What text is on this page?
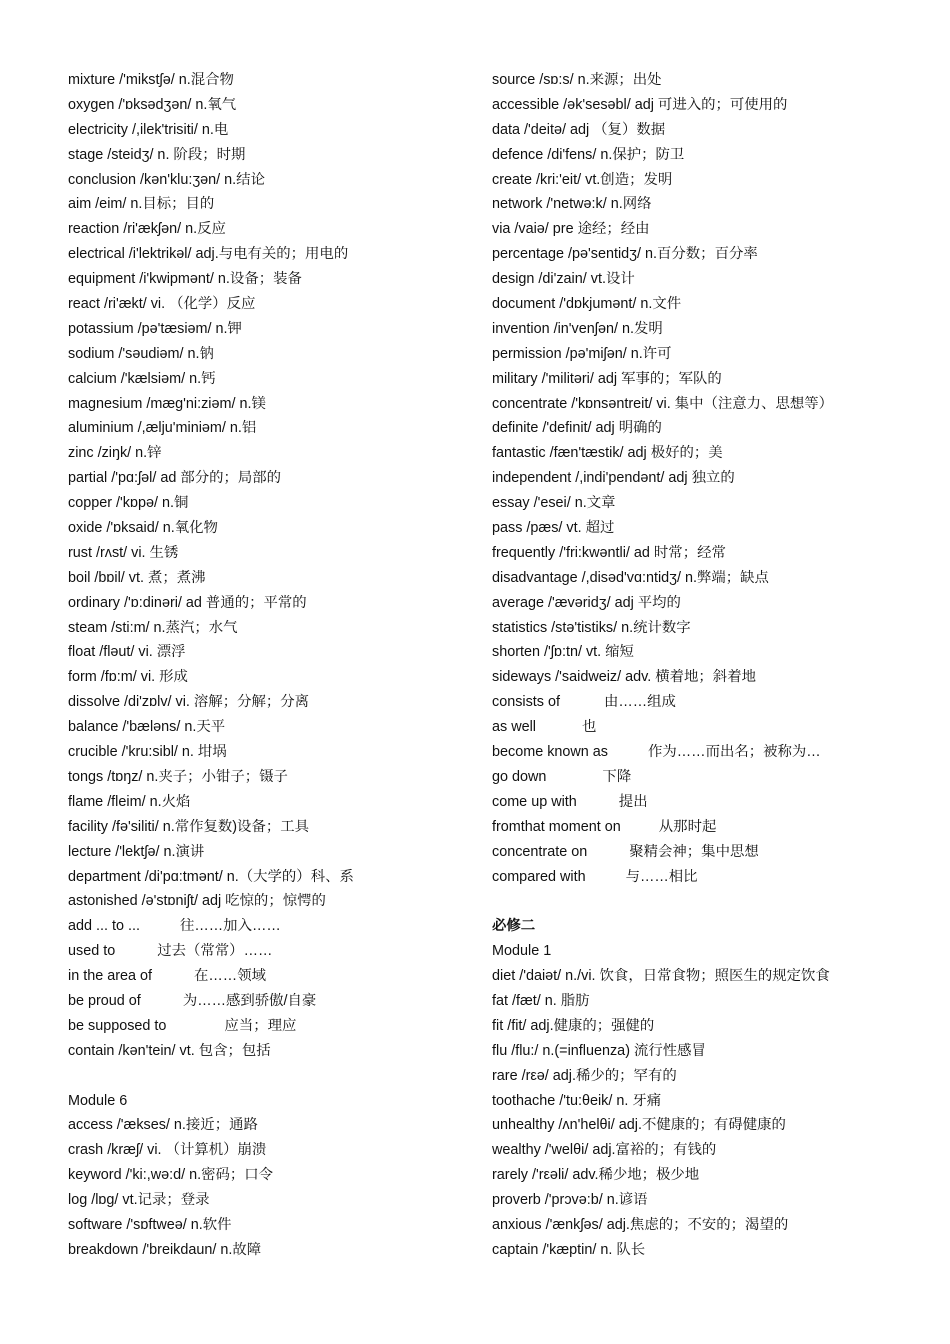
mixture /'mikstʃə/ n.混合物
oxygen /'ɒksədʒən/ n.氧气
electricity /,ilek'trisiti/ n.电
stage /steidʒ/ n. 阶段；时期
conclusion /kən'klu:ʒən/ n.结论
aim /eim/ n.目标；目的
reaction /ri'ækʃən/ n.反应
electrical /i'lektrikəl/ adj.与电有关的；用电的
equipment /i'kwipmənt/ n.设备；装备
react /ri'ækt/ vi. （化学）反应
potassium /pə'tæsiəm/ n.钾
sodium /'səudiəm/ n.钠
calcium /'kælsiəm/ n.钙
magnesium /mæg'ni:ziəm/ n.镁
aluminium /,ælju'miniəm/ n.铝
zinc /ziŋk/ n.锌
partial /'pɑ:ʃəl/ ad 部分的；局部的
copper /'kɒpə/ n.铜
oxide /'ɒksaid/ n.氧化物
rust /rʌst/ vi. 生锈
boil /bɒil/ vt. 煮；煮沸
ordinary /'ɒ:dinəri/ ad 普通的；平常的
steam /sti:m/ n.蒸汽；水气
float /fləut/ vi. 漂浮
form /fɒ:m/ vi. 形成
dissolve /di'zɒlv/ vi. 溶解；分解；分离
balance /'bæləns/ n.天平
crucible /'kru:sibl/ n. 坩埚
tongs /tɒŋz/ n.夹子；小钳子；镊子
flame /fleim/ n.火焰
facility /fə'siliti/ n.常作复数)设备；工具
lecture /'lektʃə/ n.演讲
department /di'pɑ:tmənt/ n.（大学的）科、系
astonished /ə'stɒniʃt/ adj 吃惊的；惊愕的
add ... to ...	往……加入……
used to	过去（常常）……
in the area of	在……领域
be proud of	为……感到骄傲/自豪
be supposed to	应当；理应
contain /kən'tein/ vt. 包含；包括
Module 6
access /'ækses/ n.接近；通路
crash /kræʃ/ vi. （计算机）崩溃
keyword /'ki:,wə:d/ n.密码；口令
log /lɒg/ vt.记录；登录
software /'sɒftweə/ n.软件
breakdown /'breikdaun/ n.故障
source /sɒ:s/ n.来源；出处
accessible /ək'sesəbl/ adj 可进入的；可使用的
data /'deitə/ adj （复）数据
defence /di'fens/ n.保护；防卫
create /kri:'eit/ vt.创造；发明
network /'netwə:k/ n.网络
via /vaiə/ pre 途经；经由
percentage /pə'sentidʒ/ n.百分数；百分率
design /di'zain/ vt.设计
document /'dɒkjumənt/ n.文件
invention /in'venʃən/ n.发明
permission /pə'miʃən/ n.许可
military /'militəri/ adj 军事的；军队的
concentrate /'kɒnsəntreit/ vi. 集中（注意力、思想等）
definite /'definit/ adj 明确的
fantastic /fæn'tæstik/ adj 极好的；美
independent /,indi'pendənt/ adj 独立的
essay /'esei/ n.文章
pass /pæs/ vt. 超过
frequently /'fri:kwəntli/ ad 时常；经常
disadvantage /,disəd'vɑ:ntidʒ/ n.弊端；缺点
average /'ævəridʒ/ adj 平均的
statistics /stə'tistiks/ n.统计数字
shorten /'ʃɒ:tn/ vt. 缩短
sideways /'saidweiz/ adv. 横着地；斜着地
consists of	由……组成
as well	也
become known as	作为……而出名；被称为…
go down	下降
come up with	提出
fromthat moment on	从那时起
concentrate on	聚精会神；集中思想
compared with	与……相比
必修二
Module 1
diet /'daiət/ n./vi. 饮食，日常食物；照医生的规定饮食
fat /fæt/ n. 脂肪
fit /fit/ adj.健康的；强健的
flu /flu:/ n.(=influenza) 流行性感冒
rare /rεə/ adj.稀少的；罕有的
toothache /'tu:θeik/ n. 牙痛
unhealthy /ʌn'helθi/ adj.不健康的；有碍健康的
wealthy /'welθi/ adj.富裕的；有钱的
rarely /'rεəli/ adv.稀少地；极少地
proverb /'prɔvə:b/ n.谚语
anxious /'ænkʃəs/ adj.焦虑的；不安的；渴望的
captain /'kæptin/ n. 队长
